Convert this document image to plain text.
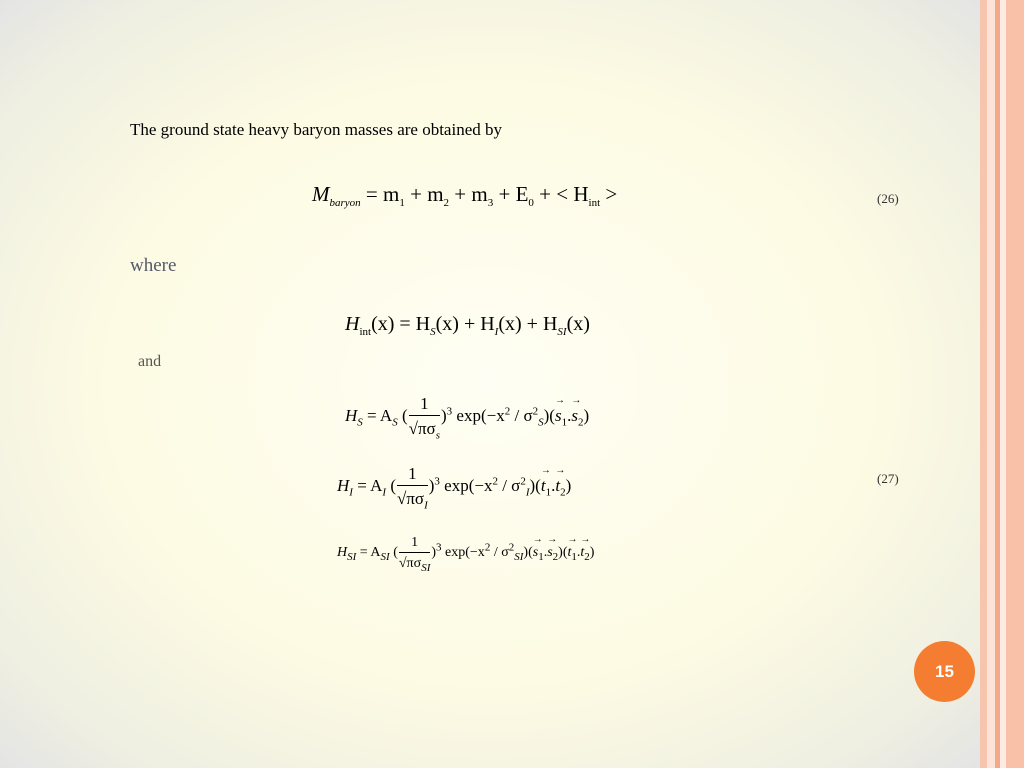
The ground state heavy baryon masses are obtained by
$M_{baryon} = m_1 + m_2 + m_3 + E_0$ + < $H_{int}$ >	(26)
where
$H_{int}(x) = H_S(x) + H_I(x) + H_{SI}(x)$
and
$H_S = A_S$ ( $\frac{1}{√\pi\sigma_s} )^3$ $\exp(-x^2 / \sigma^2_S)(\to s_1.\to s_2)$
$H_I = A_I$ ( $\frac{1}{√\pi\sigma_I} )^3$ $\exp(-x^2 / \sigma^2_I)(\to t_1.\to t_2)$	(27)
$H_{SI} = A_{SI}$ ( $\frac{1}{√\pi\sigma_{SI}} )^3$ $\exp(-x^2 / \sigma^2_{SI})(\to s_1.\to s_2)(\to t_1.\to t_2)$
15
